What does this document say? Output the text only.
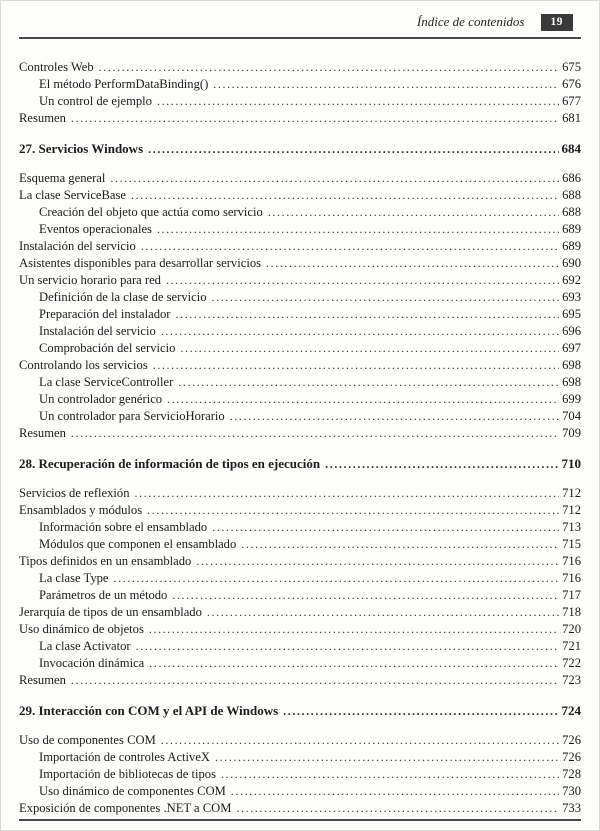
Índice de contenidos	19
Controles Web .....	675
El método PerformDataBinding() .....	676
Un control de ejemplo .....	677
Resumen .....	681
27. Servicios Windows .....	684
Esquema general .....	686
La clase ServiceBase .....	688
Creación del objeto que actúa como servicio .....	688
Eventos operacionales .....	689
Instalación del servicio .....	689
Asistentes disponibles para desarrollar servicios .....	690
Un servicio horario para red .....	692
Definición de la clase de servicio .....	693
Preparación del instalador .....	695
Instalación del servicio .....	696
Comprobación del servicio .....	697
Controlando los servicios .....	698
La clase ServiceController .....	698
Un controlador genérico .....	699
Un controlador para ServicioHorario .....	704
Resumen .....	709
28. Recuperación de información de tipos en ejecución .....	710
Servicios de reflexión .....	712
Ensamblados y módulos .....	712
Información sobre el ensamblado .....	713
Módulos que componen el ensamblado .....	715
Tipos definidos en un ensamblado .....	716
La clase Type .....	716
Parámetros de un método .....	717
Jerarquía de tipos de un ensamblado .....	718
Uso dinámico de objetos .....	720
La clase Activator .....	721
Invocación dinámica .....	722
Resumen .....	723
29. Interacción con COM y el API de Windows .....	724
Uso de componentes COM .....	726
Importación de controles ActiveX .....	726
Importación de bibliotecas de tipos .....	728
Uso dinámico de componentes COM .....	730
Exposición de componentes .NET a COM .....	733
